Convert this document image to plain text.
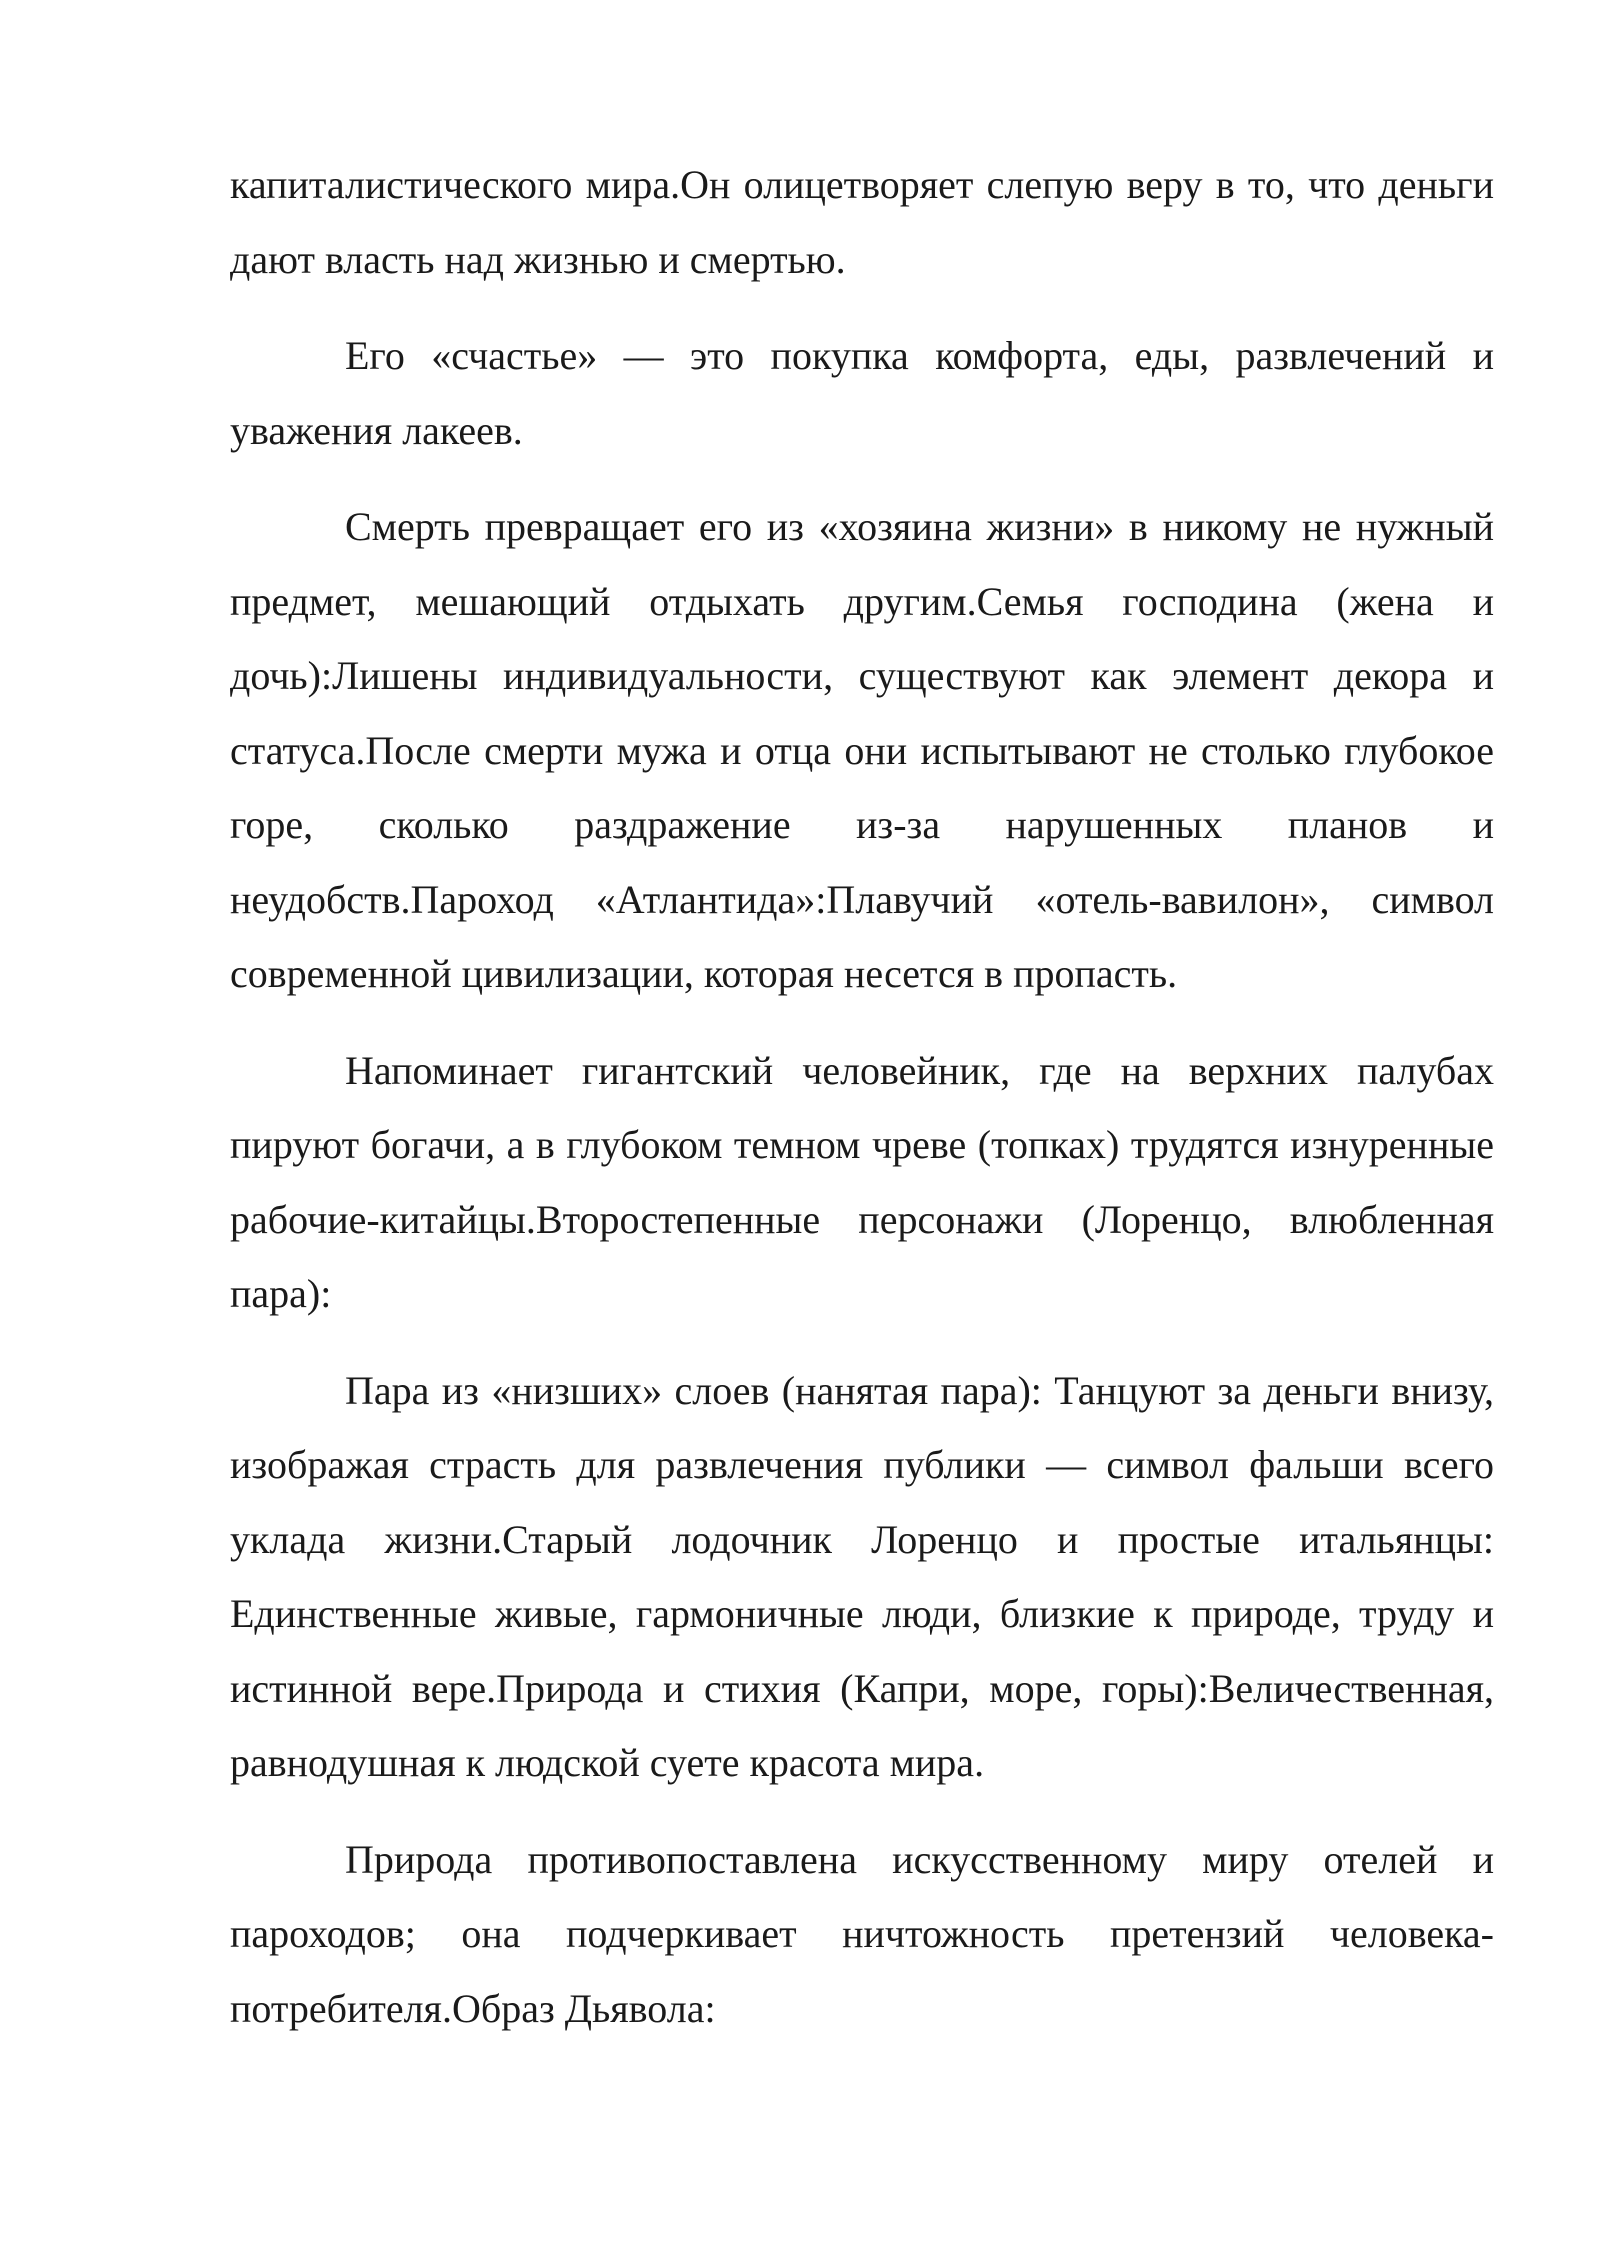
капиталистического мира.Он олицетворяет слепую веру в то, что деньги дают власть над жизнью и смертью.

Его «счастье» — это покупка комфорта, еды, развлечений и уважения лакеев.

Смерть превращает его из «хозяина жизни» в никому не нужный предмет, мешающий отдыхать другим.Семья господина (жена и дочь):Лишены индивидуальности, существуют как элемент декора и статуса.После смерти мужа и отца они испытывают не столько глубокое горе, сколько раздражение из-за нарушенных планов и неудобств.Пароход «Атлантида»:Плавучий «отель-вавилон», символ современной цивилизации, которая несется в пропасть.

Напоминает гигантский человейник, где на верхних палубах пируют богачи, а в глубоком темном чреве (топках) трудятся изнуренные рабочие-китайцы.Второстепенные персонажи (Лоренцо, влюбленная пара):

Пара из «низших» слоев (нанятая пара): Танцуют за деньги внизу, изображая страсть для развлечения публики — символ фальши всего уклада жизни.Старый лодочник Лоренцо и простые итальянцы: Единственные живые, гармоничные люди, близкие к природе, труду и истинной вере.Природа и стихия (Капри, море, горы):Величественная, равнодушная к людской суете красота мира.

Природа противопоставлена искусственному миру отелей и пароходов; она подчеркивает ничтожность претензий человека-потребителя.Образ Дьявола:
